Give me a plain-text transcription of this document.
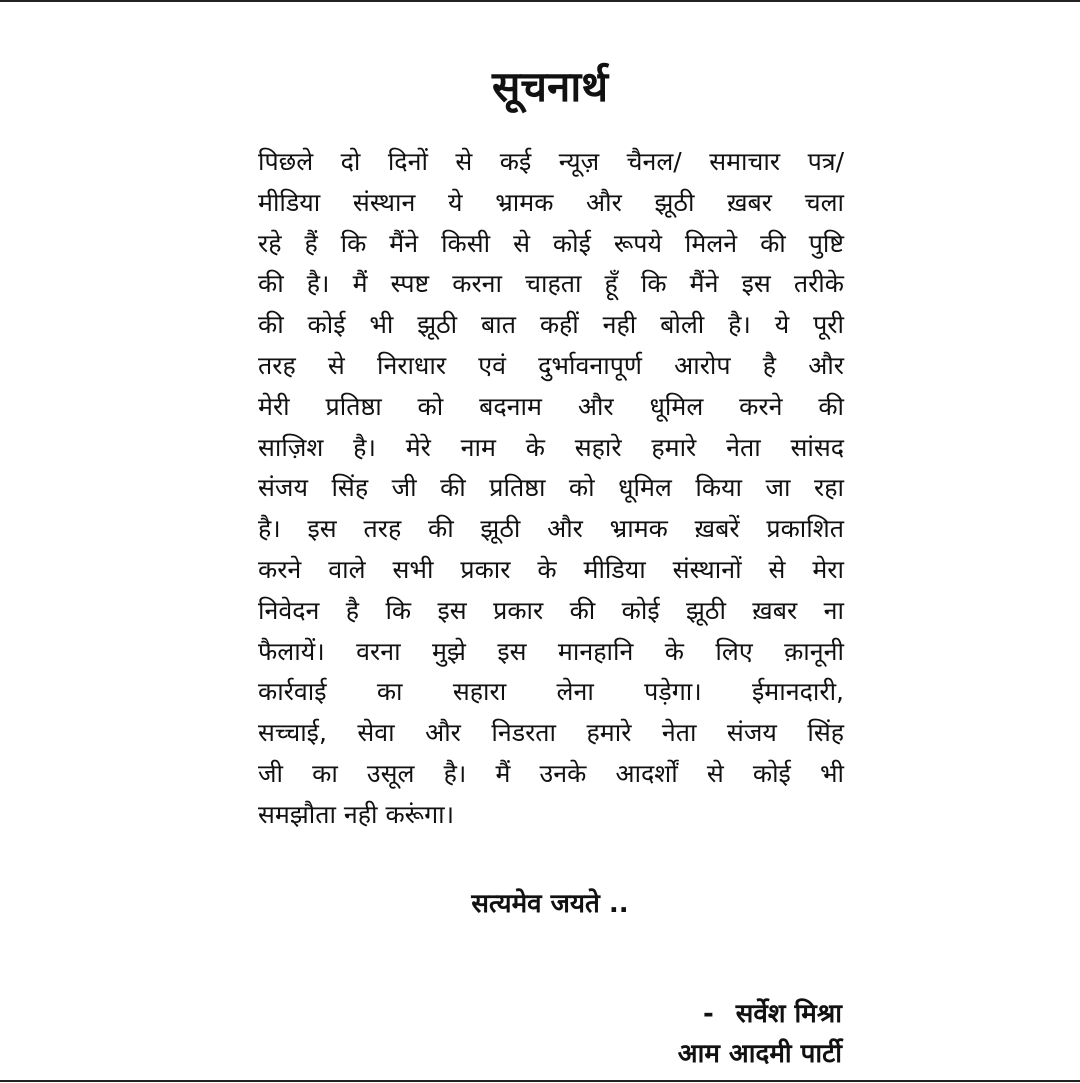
सूचनार्थ

पिछले दो दिनों से कई न्यूज़ चैनल/ समाचार पत्र/
मीडिया संस्थान ये भ्रामक और झूठी ख़बर चला
रहे हैं कि मैंने किसी से कोई रूपये मिलने की पुष्टि
की है। मैं स्पष्ट करना चाहता हूँ कि मैंने इस तरीके
की कोई भी झूठी बात कहीं नही बोली है। ये पूरी
तरह से निराधार एवं दुर्भावनापूर्ण आरोप है और
मेरी प्रतिष्ठा को बदनाम और धूमिल करने की
साज़िश है। मेरे नाम के सहारे हमारे नेता सांसद
संजय सिंह जी की प्रतिष्ठा को धूमिल किया जा रहा
है। इस तरह की झूठी और भ्रामक ख़बरें प्रकाशित
करने वाले सभी प्रकार के मीडिया संस्थानों से मेरा
निवेदन है कि इस प्रकार की कोई झूठी ख़बर ना
फैलायें। वरना मुझे इस मानहानि के लिए क़ानूनी
कार्रवाई का सहारा लेना पड़ेगा। ईमानदारी,
सच्चाई, सेवा और निडरता हमारे नेता संजय सिंह
जी का उसूल है। मैं उनके आदर्शों से कोई भी
समझौता नही करूंगा।

सत्यमेव जयते ..

- सर्वेश मिश्रा
आम आदमी पार्टी
